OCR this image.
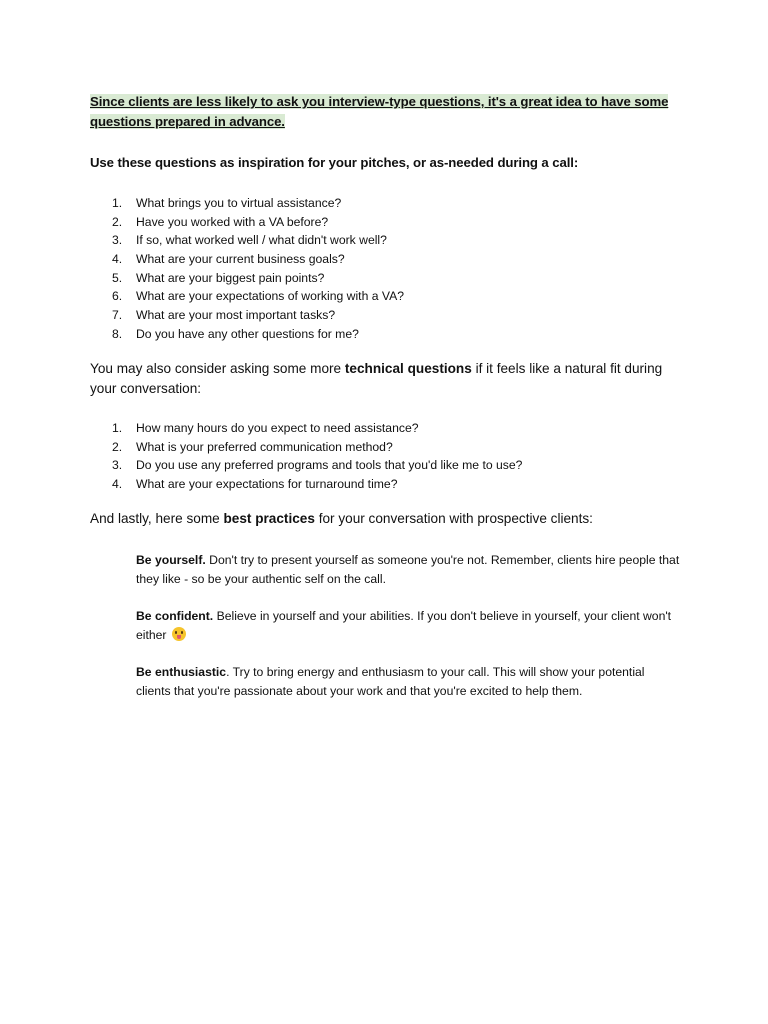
Since clients are less likely to ask you interview-type questions, it's a great idea to have some
questions prepared in advance.
Use these questions as inspiration for your pitches, or as-needed during a call:
1.	What brings you to virtual assistance?
2.	Have you worked with a VA before?
3.	If so, what worked well / what didn't work well?
4.	What are your current business goals?
5.	What are your biggest pain points?
6.	What are your expectations of working with a VA?
7.	What are your most important tasks?
8.	Do you have any other questions for me?
You may also consider asking some more technical questions if it feels like a natural fit during your conversation:
1.	How many hours do you expect to need assistance?
2.	What is your preferred communication method?
3.	Do you use any preferred programs and tools that you'd like me to use?
4.	What are your expectations for turnaround time?
And lastly, here some best practices for your conversation with prospective clients:
Be yourself. Don't try to present yourself as someone you're not. Remember, clients hire people that they like - so be your authentic self on the call.
Be confident. Believe in yourself and your abilities. If you don't believe in yourself, your client won't either
Be enthusiastic. Try to bring energy and enthusiasm to your call. This will show your potential clients that you're passionate about your work and that you're excited to help them.
